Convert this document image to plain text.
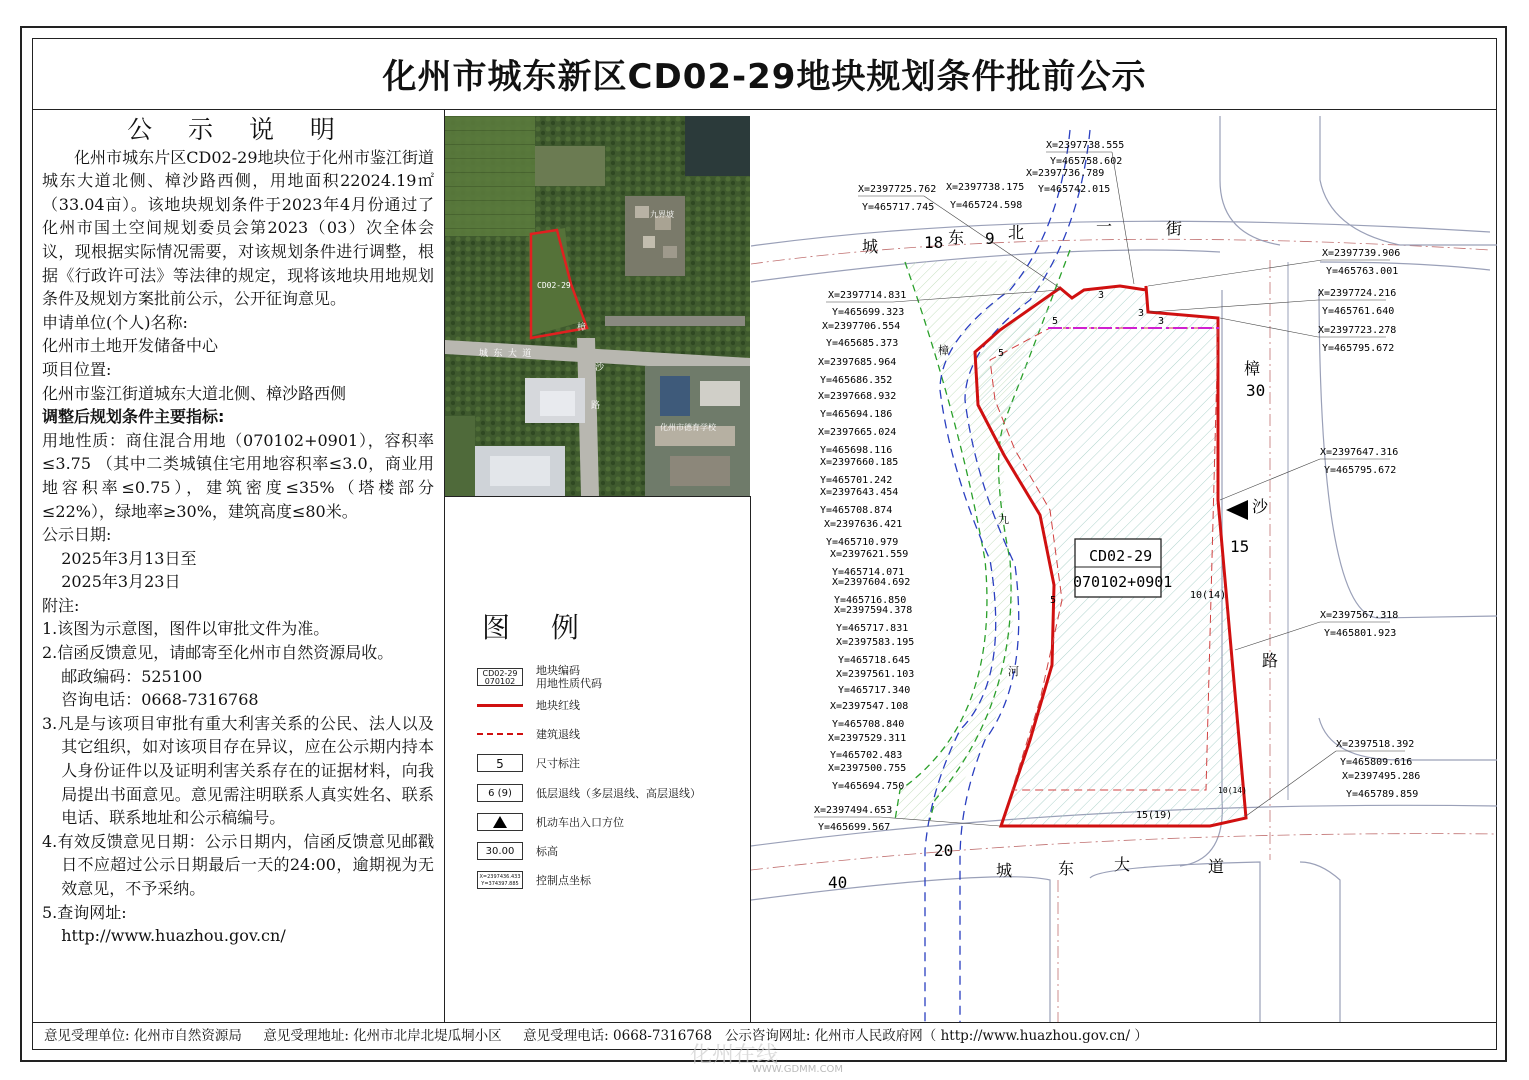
化州市城东新区CD02-29地块规划条件批前公示
公 示 说 明

化州市城东片区CD02-29地块位于化州市鉴江街道城东大道北侧、樟沙路西侧，用地面积22024.19㎡（33.04亩）。该地块规划条件于2023年4月份通过了化州市国土空间规划委员会第2023（03）次全体会议，现根据实际情况需要，对该规划条件进行调整，根据《行政许可法》等法律的规定，现将该地块用地规划条件及规划方案批前公示，公开征询意见。

申请单位(个人)名称:

化州市土地开发储备中心

项目位置:

化州市鉴江街道城东大道北侧、樟沙路西侧

调整后规划条件主要指标:

用地性质：商住混合用地（070102+0901），容积率≤3.75 （其中二类城镇住宅用地容积率≤3.0，商业用地容积率≤0.75），建筑密度≤35%（塔楼部分≤22%），绿地率≥30%，建筑高度≤80米。

公示日期:

2025年3月13日至

2025年3月23日

附注:

1.该图为示意图，图件以审批文件为准。

2.信函反馈意见，请邮寄至化州市自然资源局收。

邮政编码：525100

咨询电话：0668-7316768

3.凡是与该项目审批有重大利害关系的公民、法人以及其它组织，如对该项目存在异议，应在公示期内持本人身份证件以及证明利害关系存在的证据材料，向我局提出书面意见。意见需注明联系人真实姓名、联系电话、联系地址和公示稿编号。

4.有效反馈意见日期：公示日期内，信函反馈意见邮戳日不应超过公示日期最后一天的24:00，逾期视为无效意见，不予采纳。

5.查询网址:

http://www.huazhou.gov.cn/

CD02-29
九界坡
化州市德育学校
城 东 大 道
樟
沙
路
图 例
CD02-29
070102
地块编码
用地性质代码
地块红线
建筑退线
5	尺寸标注
6 (9)	低层退线（多层退线、高层退线）
机动车出入口方位
30.00	标高
X=2397436.433
Y=374397.885	控制点坐标
CD02-29
070102+0901
城	东	北	一	街
18	9
樟
30
沙
15
路
城	东 大	道
20
40
樟
九
河
5
5
5
3
3
3
10(14)
10(14)
15(19)
X=2397738.555
Y=465758.602
X=2397738.175
Y=465724.598
X=2397736.789
Y=465742.015
X=2397725.762
Y=465717.745
X=2397739.906
Y=465763.001
X=2397724.216
Y=465761.640
X=2397723.278
Y=465795.672
X=2397647.316
Y=465795.672
X=2397567.318
Y=465801.923
X=2397518.392
Y=465809.616
X=2397495.286
Y=465789.859
X=2397714.831
Y=465699.323
X=2397706.554
Y=465685.373
X=2397685.964
Y=465686.352
X=2397668.932
Y=465694.186
X=2397665.024
Y=465698.116
X=2397660.185
Y=465701.242
X=2397643.454
Y=465708.874
X=2397636.421
Y=465710.979
X=2397621.559
Y=465714.071
X=2397604.692
Y=465716.850
X=2397594.378
Y=465717.831
X=2397583.195
Y=465718.645
X=2397561.103
Y=465717.340
X=2397547.108
Y=465708.840
X=2397529.311
Y=465702.483
X=2397500.755
Y=465694.750
X=2397494.653
Y=465699.567
意见受理单位: 化州市自然资源局 意见受理地址: 化州市北岸北堤瓜垌小区 意见受理电话: 0668-7316768 公示咨询网址: 化州市人民政府网（ http://www.huazhou.gov.cn/ ）
化州在线
WWW.GDMM.COM
